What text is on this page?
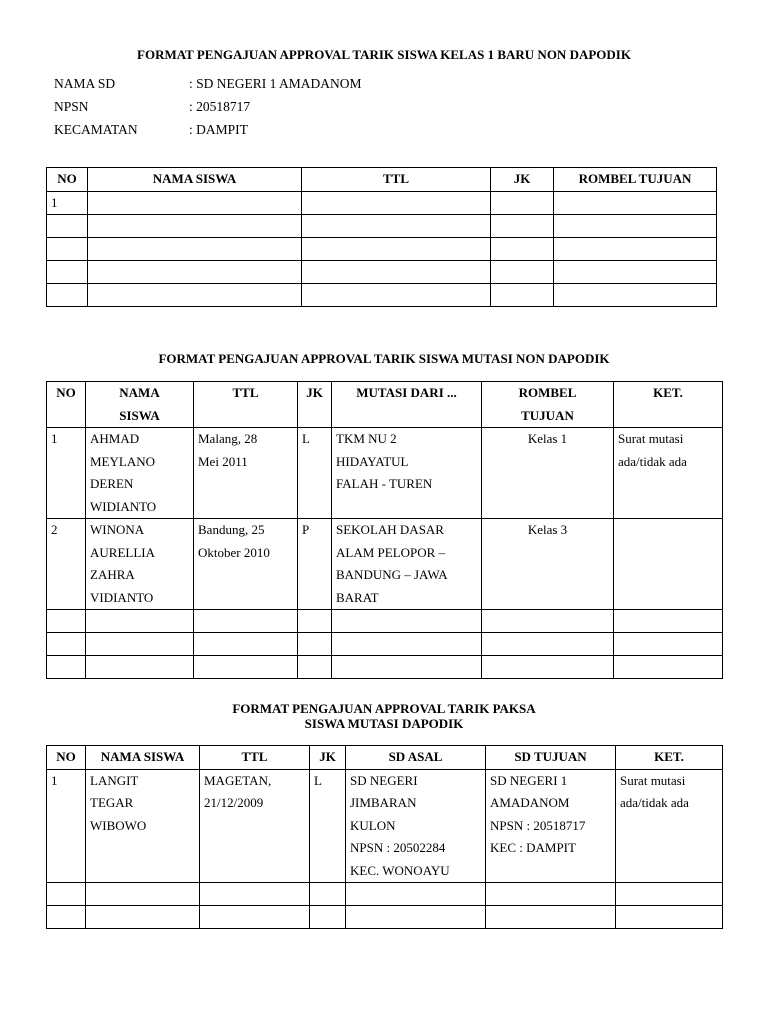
FORMAT PENGAJUAN APPROVAL TARIK SISWA KELAS 1 BARU NON DAPODIK
NAMA SD	: SD NEGERI 1 AMADANOM
NPSN	: 20518717
KECAMATAN	: DAMPIT
NO	NAMA SISWA	TTL	JK	ROMBEL TUJUAN
1				

FORMAT PENGAJUAN APPROVAL TARIK SISWA MUTASI NON DAPODIK
NO	NAMA
SISWA	TTL	JK	MUTASI DARI ...	ROMBEL
TUJUAN	KET.
1	AHMAD
MEYLANO
DEREN
WIDIANTO	Malang, 28
Mei 2011	L	TKM NU 2
HIDAYATUL
FALAH - TUREN	Kelas 1	Surat mutasi
ada/tidak ada
2	WINONA
AURELLIA
ZAHRA
VIDIANTO	Bandung, 25
Oktober 2010	P	SEKOLAH DASAR
ALAM PELOPOR –
BANDUNG – JAWA
BARAT	Kelas 3	

FORMAT PENGAJUAN APPROVAL TARIK PAKSA
SISWA MUTASI DAPODIK
NO	NAMA SISWA	TTL	JK	SD ASAL	SD TUJUAN	KET.
1	LANGIT
TEGAR
WIBOWO	MAGETAN,
21/12/2009	L	SD NEGERI
JIMBARAN
KULON
NPSN : 20502284
KEC. WONOAYU	SD NEGERI 1
AMADANOM
NPSN : 20518717
KEC : DAMPIT	Surat mutasi
ada/tidak ada
